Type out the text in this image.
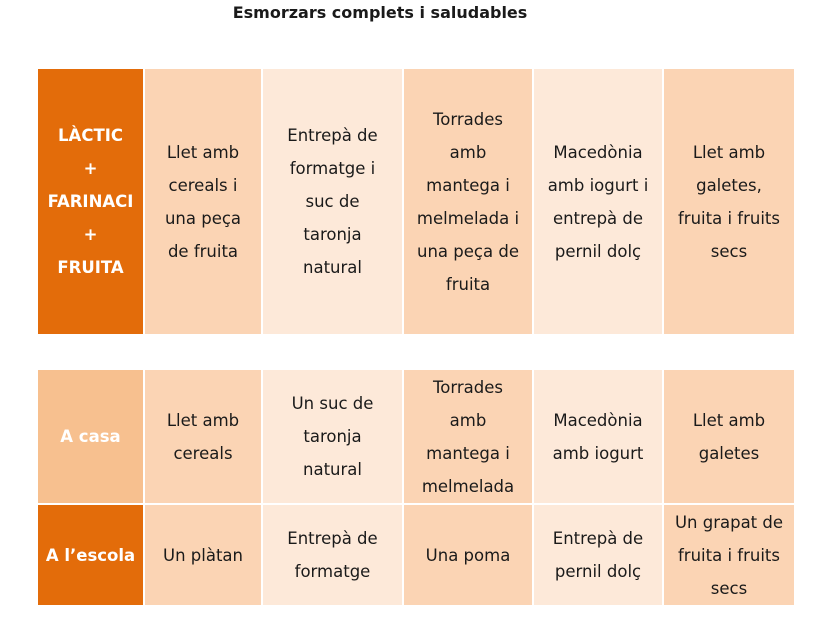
Esmorzars complets i saludables
LÀCTIC
+
FARINACI
+
FRUITA

Llet amb
cereals i
una peça
de fruita

Entrepà de
formatge i
suc de
taronja
natural

Torrades
amb
mantega i
melmelada i
una peça de
fruita

Macedònia
amb iogurt i
entrepà de
pernil dolç

Llet amb
galetes,
fruita i fruits
secs
A casa	Llet amb
cereals	Un suc de
taronja
natural	Torrades
amb
mantega i
melmelada	Macedònia
amb iogurt	Llet amb
galetes

A l’escola	Un plàtan	Entrepà de
formatge	Una poma	Entrepà de
pernil dolç	Un grapat de
fruita i fruits
secs
